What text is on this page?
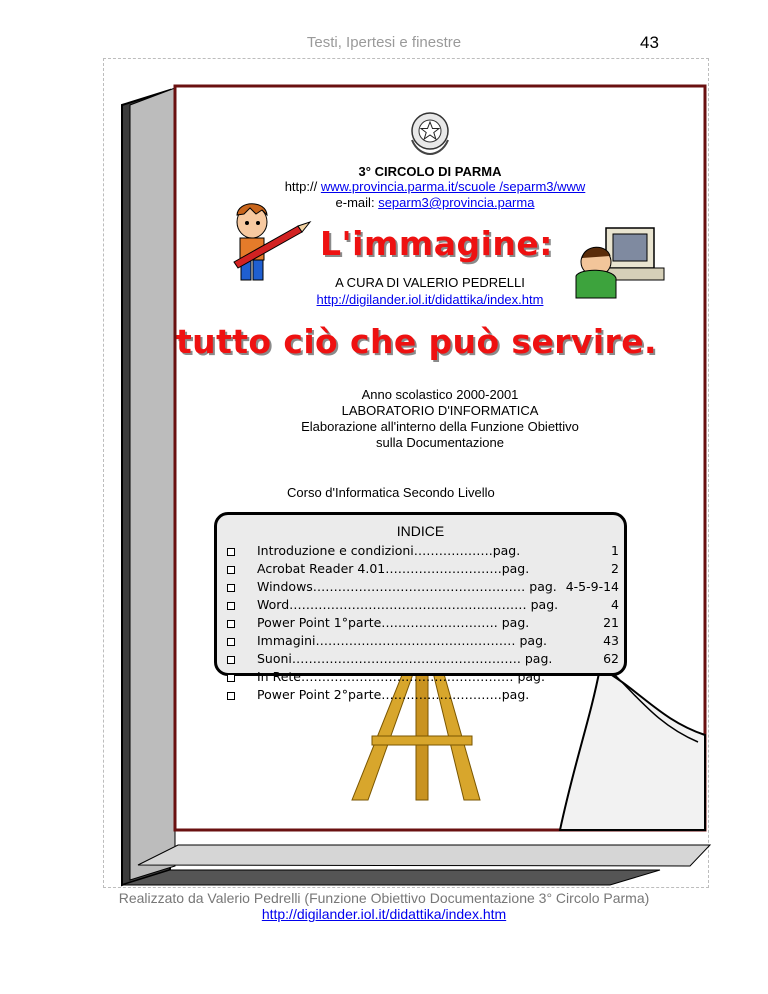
Testi, Ipertesi e finestre	43
3° CIRCOLO DI PARMA
http:// www.provincia.parma.it/scuole /separm3/www
e-mail: separm3@provincia.parma
L'immagine:
A CURA DI VALERIO PEDRELLI
http://digilander.iol.it/didattika/index.htm
tutto ciò che può servire.
Anno scolastico 2000-2001
LABORATORIO D'INFORMATICA
Elaborazione all'interno della Funzione Obiettivo
sulla Documentazione
Corso d'Informatica Secondo Livello
INDICE
Introduzione e condizioni……………….pag.	1
Acrobat Reader 4.01……………………….pag.	2
Windows…………………………………………… pag. 4-5-9-14
Word………………………………………………… pag.	4
Power Point 1°parte………………………. pag.	21
Immagini………………………………………… pag.	43
Suoni………………………………………………. pag.	62
In Rete…………………………………………… pag.
Power Point 2°parte………………………..pag.
Realizzato da Valerio Pedrelli (Funzione Obiettivo Documentazione 3° Circolo Parma)
http://digilander.iol.it/didattika/index.htm
